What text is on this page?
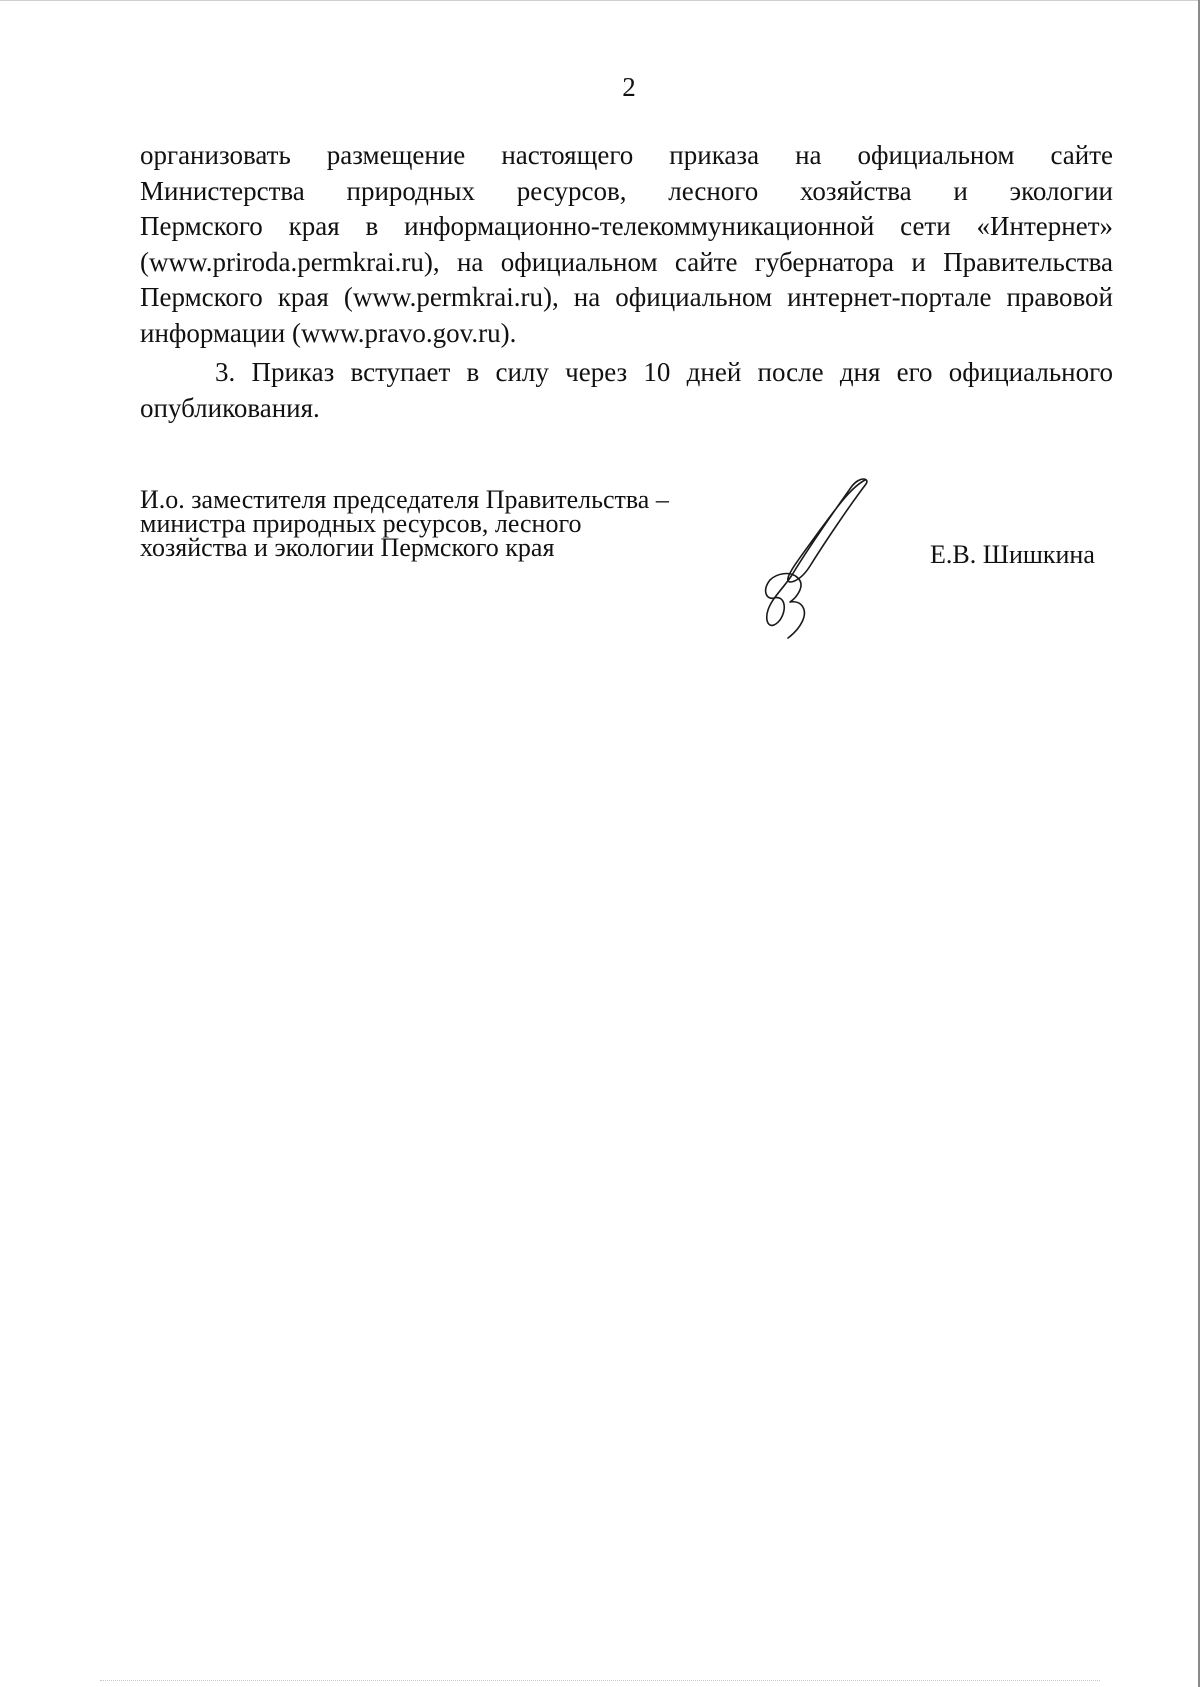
2
организовать размещение настоящего приказа на официальном сайте
Министерства природных ресурсов, лесного хозяйства и экологии
Пермского края в информационно-телекоммуникационной сети «Интернет»
(www.priroda.permkrai.ru), на официальном сайте губернатора и Правительства
Пермского края (www.permkrai.ru), на официальном интернет-портале правовой
информации (www.pravo.gov.ru).
3. Приказ вступает в силу через 10 дней после дня его официального
опубликования.
И.о. заместителя председателя Правительства –
министра природных ресурсов, лесного
хозяйства и экологии Пермского края	Е.В. Шишкина
